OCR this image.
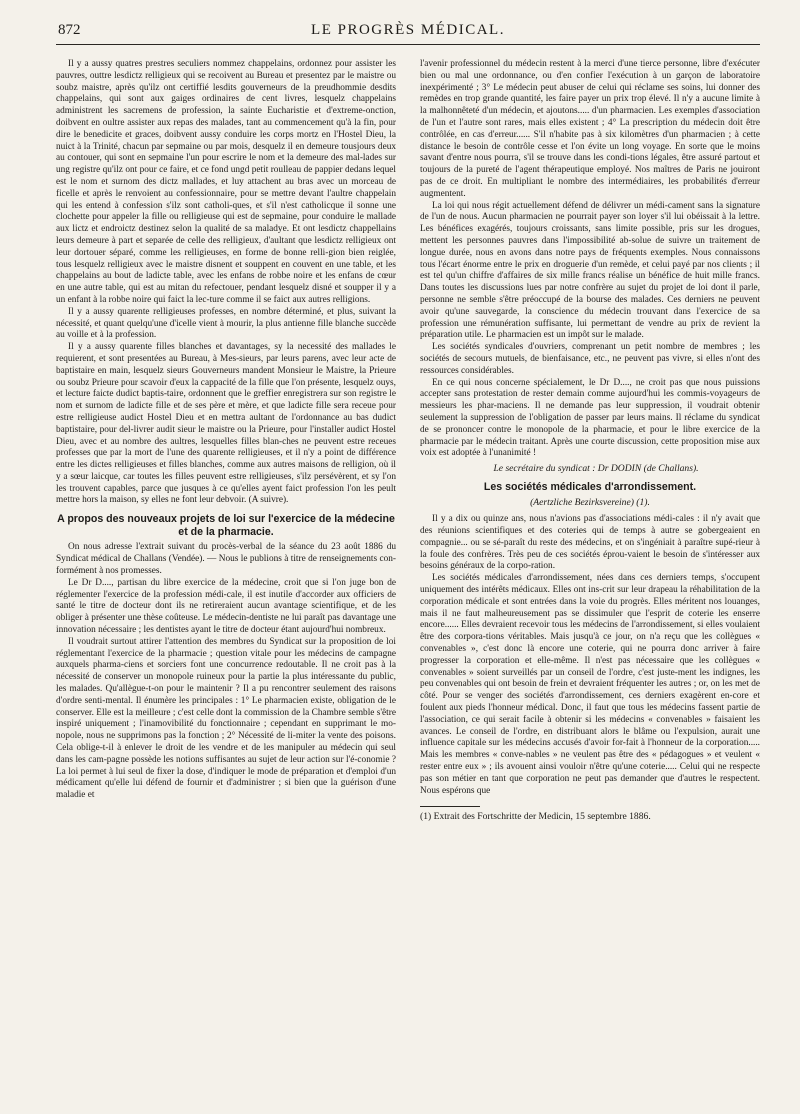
872	LE PROGRÈS MÉDICAL.

Il y a aussy quatres prestres seculiers nommez chappelains, ordonnez pour assister les pauvres, outtre lesdictz relligieux qui se recoivent au Bureau et presentez par le maistre ou soubz maistre, après qu'ilz ont certiffié lesdits gouverneurs de la preudhommie desdits chappelains, qui sont aux gaiges ordinaires de cent livres, lesquelz chappelains administrent les sacremens de profession, la sainte Eucharistie et d'extreme-onction, doibvent en oultre assister aux repas des malades, tant au commencement qu'à la fin, pour dire le benedicite et graces, doibvent aussy conduire les corps mortz en l'Hostel Dieu, la nuict à la Trinité, chacun par sepmaine ou par mois, desquelz il en demeure tousjours deux au contouer, qui sont en sepmaine l'un pour escrire le nom et la demeure des mal-lades sur ung registre qu'ilz ont pour ce faire, et ce fond ungd petit roulleau de pappier dedans lequel est le nom et surnom des dictz mallades, et luy attachent au bras avec un morceau de ficelle et après le renvoient au confessionnaire, pour se mettre devant l'aultre chappelain qui les entend à confession s'ilz sont catholi-ques, et s'il n'est catholicque il sonne une clochette pour appeler la fille ou relligieuse qui est de sepmaine, pour conduire le mallade aux lictz et endroictz destinez selon la qualité de sa maladye. Et ont lesdictz chappellains leurs demeure à part et separée de celle des relligieux, d'aultant que lesdictz relligieux ont leur dortouer séparé, comme les relligieuses, en forme de bonne relli-gion bien reiglée, tous lesquelz relligieux avec le maistre disnent et souppent en couvent en une table, et les chappelains au bout de ladicte table, avec les enfans de robbe noire et les enfans de cœur en une autre table, qui est au mitan du refectouer, pendant lesquelz disné et soupper il y a un enfant à la robbe noire qui faict la lec-ture comme il se faict aux autres relligions.

Il y a aussy quarente relligieuses professes, en nombre déterminé, et plus, suivant la nécessité, et quant quelqu'une d'icelle vient à mourir, la plus antienne fille blanche succède au voille et à la profession.

Il y a aussy quarente filles blanches et davantages, sy la necessité des mallades le requierent, et sont presentées au Bureau, à Mes-sieurs, par leurs parens, avec leur acte de baptistaire en main, lesquelz sieurs Gouverneurs mandent Monsieur le Maistre, la Prieure ou soubz Prieure pour scavoir d'eux la cappacité de la fille que l'on présente, lesquelz ouys, et lecture faicte dudict baptis-taire, ordonnent que le greffier enregistrera sur son registre le nom et surnom de ladicte fille et de ses père et mère, et que ladicte fille sera receue pour estre relligieuse audict Hostel Dieu et en mettra aultant de l'ordonnance au bas dudict baptistaire, pour del-livrer audit sieur le maistre ou la Prieure, pour l'installer audict Hostel Dieu, avec et au nombre des aultres, lesquelles filles blan-ches ne peuvent estre receues professes que par la mort de l'une des quarente relligieuses, et il n'y a point de différence entre les dictes relligieuses et filles blanches, comme aux autres maisons de relligion, où il y a sœur laicque, car toutes les filles peuvent estre relligieuses, s'ilz persévèrent, et sy l'on les trouvent capables, parce que jusques à ce qu'elles ayent faict profession l'on les peult mettre hors la maison, sy elles ne font leur debvoir. (A suivre).

A propos des nouveaux projets de loi sur l'exercice de la médecine et de la pharmacie.

On nous adresse l'extrait suivant du procès-verbal de la séance du 23 août 1886 du Syndicat médical de Challans (Vendée). — Nous le publions à titre de renseignements con-formément à nos promesses.

Le Dr D...., partisan du libre exercice de la médecine, croit que si l'on juge bon de réglementer l'exercice de la profession médi-cale, il est inutile d'accorder aux officiers de santé le titre de docteur dont ils ne retireraient aucun avantage scientifique, et de les obliger à présenter une thèse coûteuse. Le médecin-dentiste ne lui paraît pas davantage une innovation nécessaire ; les dentistes ayant le titre de docteur étant aujourd'hui nombreux.

Il voudrait surtout attirer l'attention des membres du Syndicat sur la proposition de loi réglementant l'exercice de la pharmacie ; question vitale pour les médecins de campagne auxquels pharma-ciens et sorciers font une concurrence redoutable. Il ne croit pas à la nécessité de conserver un monopole ruineux pour la partie la plus intéressante du public, les malades. Qu'allègue-t-on pour le maintenir ? Il a pu rencontrer seulement des raisons d'ordre senti-mental. Il énumère les principales : 1° Le pharmacien existe, obligation de le conserver. Elle est la meilleure ; c'est celle dont la commission de la Chambre semble s'être inspiré uniquement ; l'inamovibilité du fonctionnaire ; cependant en supprimant le mo-nopole, nous ne supprimons pas la fonction ; 2° Nécessité de li-miter la vente des poisons. Cela oblige-t-il à enlever le droit de les vendre et de les manipuler au médecin qui seul dans les cam-pagne possède les notions suffisantes au sujet de leur action sur l'é-conomie ? La loi permet à lui seul de fixer la dose, d'indiquer le mode de préparation et d'emploi d'un médicament qu'elle lui défend de fournir et d'administrer ; si bien que la guérison d'une maladie et

l'avenir professionnel du médecin restent à la merci d'une tierce personne, libre d'exécuter bien ou mal une ordonnance, ou d'en confier l'exécution à un garçon de laboratoire inexpérimenté ; 3° Le médecin peut abuser de celui qui réclame ses soins, lui donner des remèdes en trop grande quantité, les faire payer un prix trop élevé. Il n'y a aucune limite à la malhonnêteté d'un médecin, et ajoutons..... d'un pharmacien. Les exemples d'association de l'un et l'autre sont rares, mais elles existent ; 4° La prescription du médecin doit être contrôlée, en cas d'erreur...... S'il n'habite pas à six kilomètres d'un pharmacien ; à cette distance le besoin de contrôle cesse et l'on évite un long voyage. En sorte que le moins savant d'entre nous pourra, s'il se trouve dans les condi-tions légales, être assuré partout et toujours de la pureté de l'agent thérapeutique employé. Nos maîtres de Paris ne jouiront pas de ce droit. En multipliant le nombre des intermédiaires, les probabilités d'erreur augmentent.

La loi qui nous régit actuellement défend de délivrer un médi-cament sans la signature de l'un de nous. Aucun pharmacien ne pourrait payer son loyer s'il lui obéissait à la lettre. Les bénéfices exagérés, toujours croissants, sans limite possible, pris sur les drogues, mettent les personnes pauvres dans l'impossibilité ab-solue de suivre un traitement de longue durée, nous en avons dans notre pays de fréquents exemples. Nous connaissons tous l'écart énorme entre le prix en droguerie d'un remède, et celui payé par nos clients ; il est tel qu'un chiffre d'affaires de six mille francs réalise un bénéfice de huit mille francs. Dans toutes les discussions lues par notre confrère au sujet du projet de loi dont il parle, personne ne semble s'être préoccupé de la bourse des malades. Ces derniers ne peuvent avoir qu'une sauvegarde, la conscience du médecin trouvant dans l'exercice de sa profession une rémunération suffisante, lui permettant de vendre au prix de revient la préparation utile. Le pharmacien est un impôt sur le malade.

Les sociétés syndicales d'ouvriers, comprenant un petit nombre de membres ; les sociétés de secours mutuels, de bienfaisance, etc., ne peuvent pas vivre, si elles n'ont des ressources considérables.

En ce qui nous concerne spécialement, le Dr D...., ne croit pas que nous puissions accepter sans protestation de rester demain comme aujourd'hui les commis-voyageurs de messieurs les phar-maciens. Il ne demande pas leur suppression, il voudrait obtenir seulement la suppression de l'obligation de passer par leurs mains. Il réclame du syndicat de se prononcer contre le monopole de la pharmacie, et pour le libre exercice de la pharmacie par le médecin traitant. Après une courte discussion, cette proposition mise aux voix est adoptée à l'unanimité !

Le secrétaire du syndicat : Dr DODIN (de Challans).

Les sociétés médicales d'arrondissement.
(Aertzliche Bezirksvereine) (1).

Il y a dix ou quinze ans, nous n'avions pas d'associations médi-cales : il n'y avait que des réunions scientifiques et des coteries qui de temps à autre se gobergeaient en compagnie... ou se sé-paraît du reste des médecins, et on s'ingéniait à paraître supé-rieur à la foule des confrères. Très peu de ces sociétés éprou-vaient le besoin de s'intéresser aux besoins généraux de la corpo-ration.

Les sociétés médicales d'arrondissement, nées dans ces derniers temps, s'occupent uniquement des intérêts médicaux. Elles ont ins-crit sur leur drapeau la réhabilitation de la corporation médicale et sont entrées dans la voie du progrès. Elles méritent nos louanges, mais il ne faut malheureusement pas se dissimuler que l'esprit de coterie les enserre encore...... Elles devraient recevoir tous les médecins de l'arrondissement, si elles voulaient être des corpora-tions véritables. Mais jusqu'à ce jour, on n'a reçu que les collègues « convenables », c'est donc là encore une coterie, qui ne pourra donc arriver à faire progresser la corporation et elle-même. Il n'est pas nécessaire que les collègues « convenables » soient surveillés par un conseil de l'ordre, c'est juste-ment les indignes, les peu convenables qui ont besoin de frein et devraient fréquenter les autres ; or, on les met de côté. Pour se venger des sociétés d'arrondissement, ces derniers exagèrent en-core et foulent aux pieds l'honneur médical. Donc, il faut que tous les médecins fassent partie de l'association, ce qui serait facile à obtenir si les médecins « convenables » faisaient les avances. Le conseil de l'ordre, en distribuant alors le blâme ou l'expulsion, aurait une influence capitale sur les médecins accusés d'avoir for-fait à l'honneur de la corporation..... Mais les membres « conve-nables » ne veulent pas être des « pédagogues » et veulent « rester entre eux » ; ils avouent ainsi vouloir n'être qu'une coterie..... Celui qui ne respecte pas son métier en tant que corporation ne peut pas demander que d'autres le respectent. Nous espérons que

(1) Extrait des Fortschritte der Medicin, 15 septembre 1886.
